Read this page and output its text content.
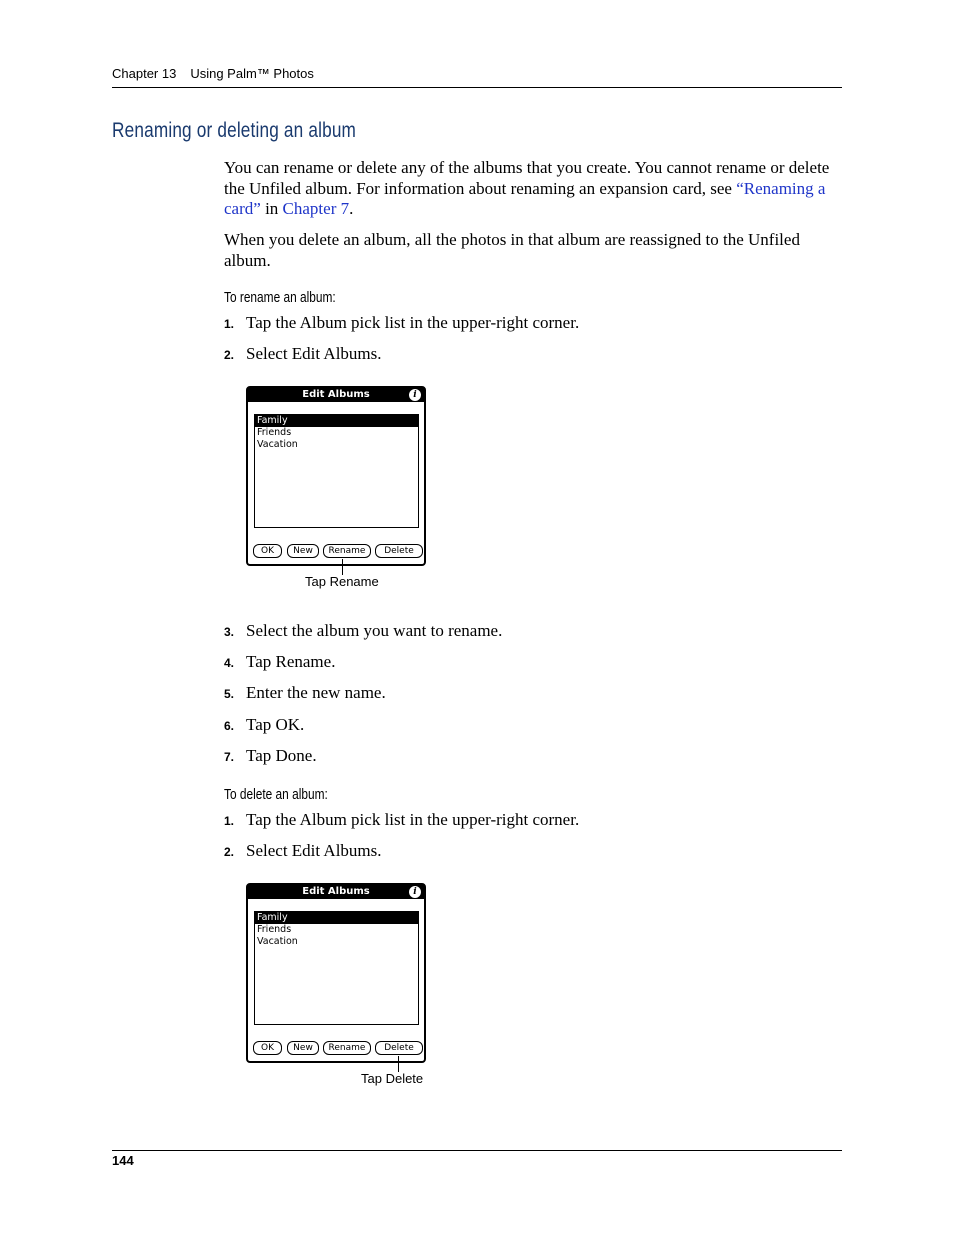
Chapter 13 Using Palm™ Photos
Renaming or deleting an album
You can rename or delete any of the albums that you create. You cannot rename or delete the Unfiled album. For information about renaming an expansion card, see “Renaming a card” in Chapter 7.
When you delete an album, all the photos in that album are reassigned to the Unfiled album.
To rename an album:
1. Tap the Album pick list in the upper-right corner.
2. Select Edit Albums.
Edit Albums	i
Family
Friends
Vacation
OK	New	Rename	Delete
Tap Rename
3. Select the album you want to rename.
4. Tap Rename.
5. Enter the new name.
6. Tap OK.
7. Tap Done.
To delete an album:
1. Tap the Album pick list in the upper-right corner.
2. Select Edit Albums.
Edit Albums	i
Family
Friends
Vacation
OK	New	Rename	Delete
Tap Delete
144
